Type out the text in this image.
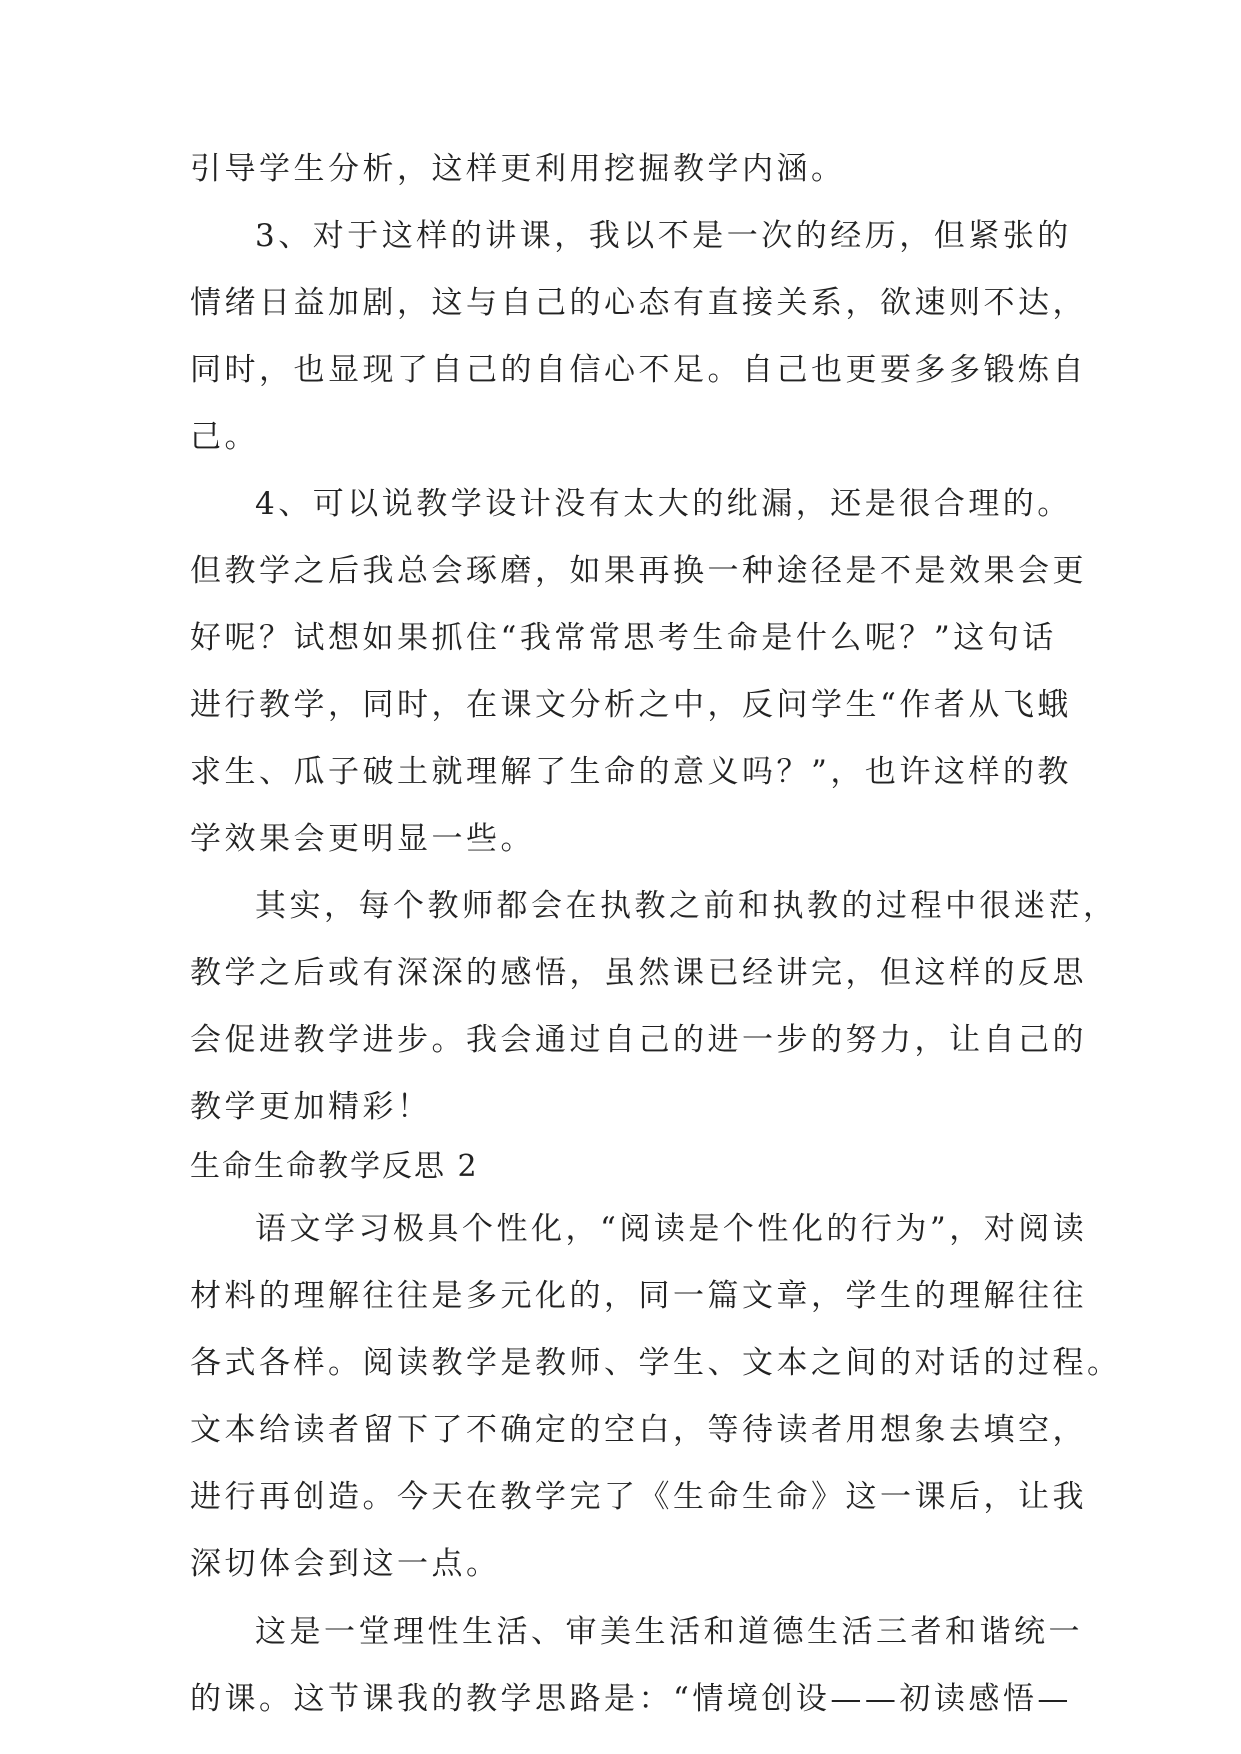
引导学生分析，这样更利用挖掘教学内涵。
3、对于这样的讲课，我以不是一次的经历，但紧张的
情绪日益加剧，这与自己的心态有直接关系，欲速则不达，
同时，也显现了自己的自信心不足。自己也更要多多锻炼自
己。
4、可以说教学设计没有太大的纰漏，还是很合理的。
但教学之后我总会琢磨，如果再换一种途径是不是效果会更
好呢？试想如果抓住“我常常思考生命是什么呢？”这句话
进行教学，同时，在课文分析之中，反问学生“作者从飞蛾
求生、瓜子破土就理解了生命的意义吗？”，也许这样的教
学效果会更明显一些。
其实，每个教师都会在执教之前和执教的过程中很迷茫，
教学之后或有深深的感悟，虽然课已经讲完，但这样的反思
会促进教学进步。我会通过自己的进一步的努力，让自己的
教学更加精彩！
生命生命教学反思 2
语文学习极具个性化，“阅读是个性化的行为”，对阅读
材料的理解往往是多元化的，同一篇文章，学生的理解往往
各式各样。阅读教学是教师、学生、文本之间的对话的过程。
文本给读者留下了不确定的空白，等待读者用想象去填空，
进行再创造。今天在教学完了《生命生命》这一课后，让我
深切体会到这一点。
这是一堂理性生活、审美生活和道德生活三者和谐统一
的课。这节课我的教学思路是：“情境创设——初读感悟—
